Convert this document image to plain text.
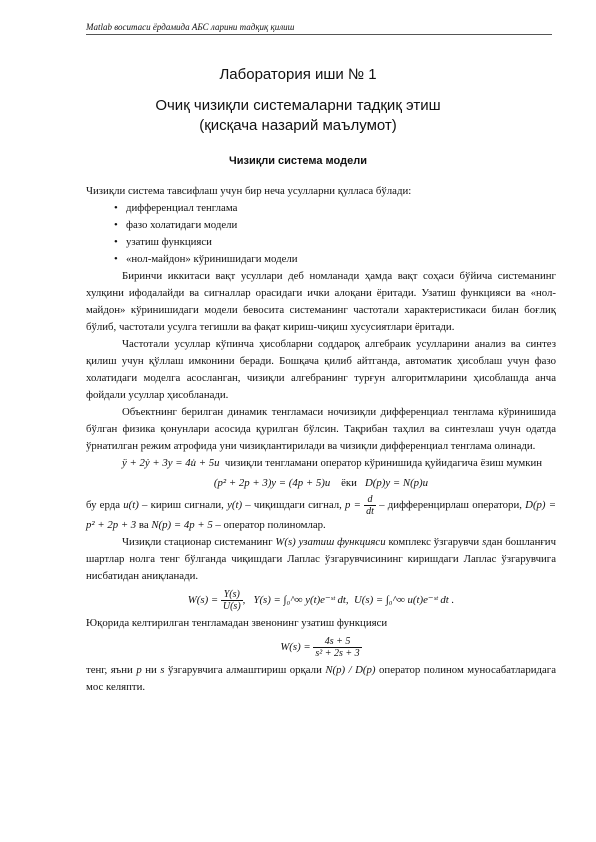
Matlab воситаси ёрдамида АБС ларини тадқиқ қилиш
Лаборатория иши № 1
Очиқ чизиқли системаларни тадқиқ этиш
(қисқача назарий маълумот)
Чизиқли система модели

Чизиқли система тавсифлаш учун бир неча усулларни қулласа бўлади:

• дифференциал тенглама
• фазо холатидаги модели
• узатиш функцияси
• «нол-майдон» кўринишидаги модели

Биринчи иккитаси вақт усуллари деб номланади ҳамда вақт соҳаси бўйича системанинг хулқини ифодалайди ва сигналлар орасидаги ички алоқани ёритади. Узатиш функцияси ва «нол-майдон» кўринишидаги модели бевосита системанинг частотали характеристикаси билан боғлиқ бўлиб, частотали усулга тегишли ва фақат кириш-чиқиш хусусиятлари ёритади.

Частотали усуллар кўпинча ҳисобларни соддароқ алгебраик усулларини анализ ва синтез қилиш учун қўллаш имконини беради. Бошқача қилиб айтганда, автоматик ҳисоблаш учун фазо холатидаги моделга асосланган, чизиқли алгебранинг турғун алгоритмларини ҳисоблашда анча фойдали усуллар ҳисобланади.

Объектнинг берилган динамик тенгламаси ночизиқли дифференциал тенглама кўринишида бўлган физика қонунлари асосида қурилган бўлсин. Тақрибан таҳлил ва синтезлаш учун одатда ўрнатилган режим атрофида уни чизиқлантирилади ва чизиқли дифференциал тенглама олинади.

ÿ + 2ẏ + 3y = 4u̇ + 5u чизиқли тенгламани оператор кўринишида қуйидагича ёзиш мумкин

(p² + 2p + 3)y = (4p + 5)u ёки D(p)y = N(p)u

бу ерда u(t) – кириш сигнали, y(t) – чиқишдаги сигнал, $p = \frac{d}{dt}$ – дифференцирлаш оператори, D(p) = p² + 2p + 3 ва N(p) = 4p + 5 – оператор полиномлар.

Чизиқли стационар системанинг W(s) узатиш функцияси комплекс ўзгарувчи sдан бошланғич шартлар нолга тенг бўлганда чиқишдаги Лаплас ўзгарувчисининг киришдаги Лаплас ўзгарувчига нисбатидан аниқланади.

$W(s) = \frac{Y(s)}{U(s)}$ ,   Y(s) = ∫₀^∞ y(t)e⁻ˢᵗ dt, U(s) = ∫₀^∞ u(t)e⁻ˢᵗ dt .

Юқорида келтирилган тенгламадан звенонинг узатиш функцияси

$W(s) = \frac{4s + 5}{\text{s² + 2s + 3}}$

тенг, яъни p ни s ўзгарувчига алмаштириш орқали N(p) / D(p) оператор полином муносабатларидага мос келяпти.
